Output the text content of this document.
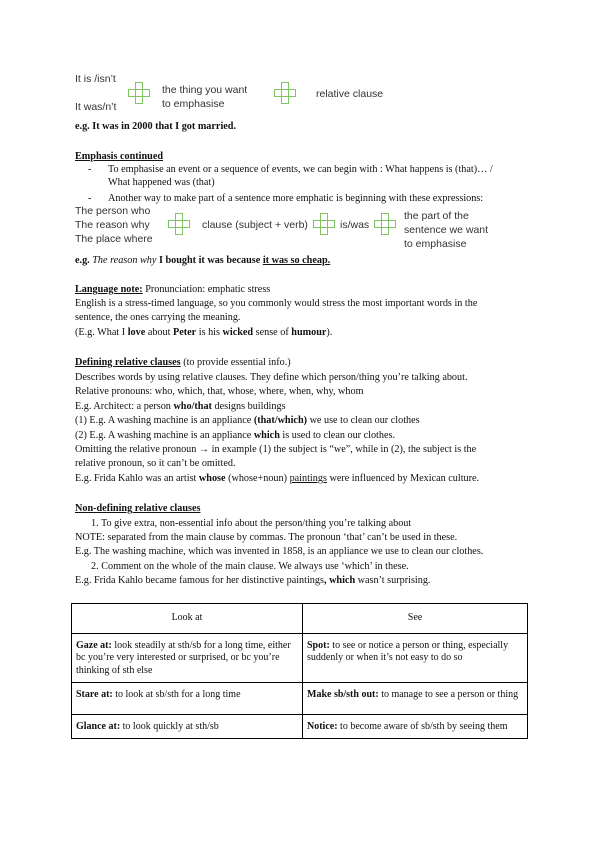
It is /isn’t
It was/n’t
the thing you want
to emphasise
relative clause
e.g. It was in 2000 that I got married.
Emphasis continued
- To emphasise an event or a sequence of events, we can begin with : What happens is (that)… /
What happened was (that)
- Another way to make part of a sentence more emphatic is beginning with these expressions:
The person who
The reason why
The place where
clause (subject + verb)	is/was
the part of the
sentence we want
to emphasise
e.g. The reason why I bought it was because it was so cheap.
Language note: Pronunciation: emphatic stress
English is a stress-timed language, so you commonly would stress the most important words in the
sentence, the ones carrying the meaning.
(E.g. What I love about Peter is his wicked sense of humour).
Defining relative clauses (to provide essential info.)
Describes words by using relative clauses. They define which person/thing you’re talking about.
Relative pronouns: who, which, that, whose, where, when, why, whom
E.g. Architect: a person who/that designs buildings
(1) E.g. A washing machine is an appliance (that/which) we use to clean our clothes
(2) E.g. A washing machine is an appliance which is used to clean our clothes.
Omitting the relative pronoun → in example (1) the subject is “we”, while in (2), the subject is the
relative pronoun, so it can’t be omitted.
E.g. Frida Kahlo was an artist whose (whose+noun) paintings were influenced by Mexican culture.
Non-defining relative clauses
1. To give extra, non-essential info about the person/thing you’re talking about
NOTE: separated from the main clause by commas. The pronoun ‘that’ can’t be used in these.
E.g. The washing machine, which was invented in 1858, is an appliance we use to clean our clothes.
2. Comment on the whole of the main clause. We always use ‘which’ in these.
E.g. Frida Kahlo became famous for her distinctive paintings, which wasn’t surprising.
Look at	See
Gaze at: look steadily at sth/sb for a long time, either bc you’re very interested or surprised, or bc you’re thinking of sth else	Spot: to see or notice a person or thing, especially suddenly or when it’s not easy to do so
Stare at: to look at sb/sth for a long time	Make sb/sth out: to manage to see a person or thing
Glance at: to look quickly at sth/sb	Notice: to become aware of sb/sth by seeing them
